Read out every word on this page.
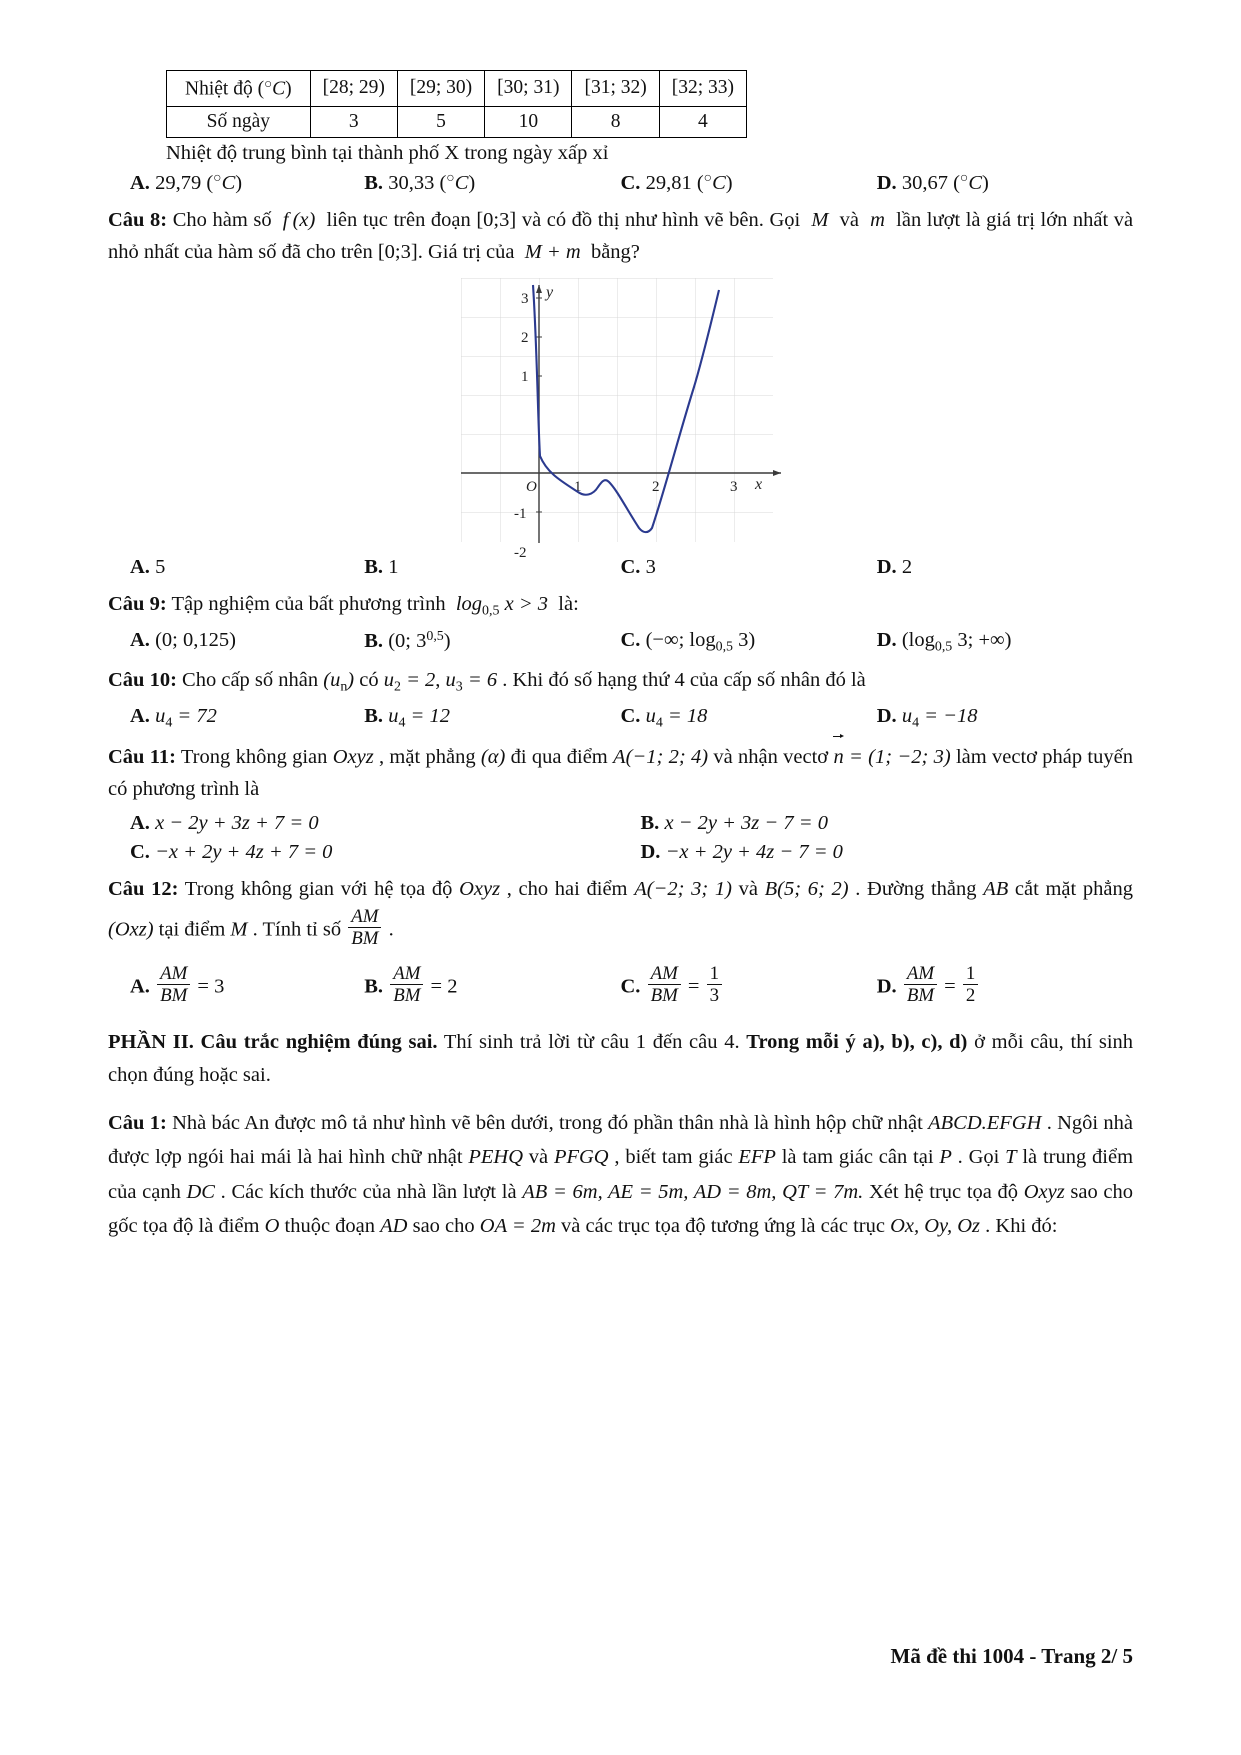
Nhiệt độ (○C)	[28; 29)	[29; 30)	[30; 31)	[31; 32)	[32; 33)
Số ngày	3	5	10	8	4
Nhiệt độ trung bình tại thành phố X trong ngày xấp xỉ
A. 29,79 (○C)	B. 30,33 (○C)	C. 29,81 (○C)	D. 30,67 (○C)
Câu 8: Cho hàm số  f (x)  liên tục trên đoạn [0;3] và có đồ thị như hình vẽ bên. Gọi  M  và  m  lần lượt là giá trị lớn nhất và nhỏ nhất của hàm số đã cho trên [0;3]. Giá trị của  M + m  bằng?
O 1	2	3 x
y
3
2
1
-1
-2
A. 5	B. 1	C. 3	D. 2
Câu 9: Tập nghiệm của bất phương trình  $\log_{0,5} x > 3$  là:
A. (0; 0,125)	B. (0; 3$^{0,5}$)	C. (−∞; $\log_{0,5} 3$)	D. ($\log_{0,5}$ 3; +∞)
Câu 10: Cho cấp số nhân $(u_n)$ có $u_2 = 2$, $u_3 = 6$ . Khi đó số hạng thứ 4 của cấp số nhân đó là
A. $u_4 = 72$	B. $u_4 = 12$	C. $u_4 = 18$	D. $u_4 = -18$
Câu 11: Trong không gian Oxyz , mặt phẳng (α) đi qua điểm A(−1; 2; 4) và nhận vectơ n = (1; −2; 3) làm vectơ pháp tuyến có phương trình là
A. x − 2y + 3z + 7 = 0	B. x − 2y + 3z − 7 = 0
C. −x + 2y + 4z + 7 = 0	D. −x + 2y + 4z − 7 = 0
Câu 12: Trong không gian với hệ tọa độ Oxyz , cho hai điểm A(−2; 3; 1) và B(5; 6; 2) . Đường thẳng AB cắt mặt phẳng (Oxz) tại điểm M . Tính tỉ số $\frac{AM}{BM}$ .
A. $\frac{AM}{BM} = 3$	B. $\frac{AM}{BM} = 2$	C. $\frac{AM}{BM} = \frac{1}{3}$	D. $\frac{AM}{BM} = \frac{1}{2}$
PHẦN II. Câu trắc nghiệm đúng sai. Thí sinh trả lời từ câu 1 đến câu 4. Trong mỗi ý a), b), c), d) ở mỗi câu, thí sinh chọn đúng hoặc sai.
Câu 1: Nhà bác An được mô tả như hình vẽ bên dưới, trong đó phần thân nhà là hình hộp chữ nhật ABCD.EFGH . Ngôi nhà được lợp ngói hai mái là hai hình chữ nhật PEHQ và PFGQ , biết tam giác EFP là tam giác cân tại P . Gọi T là trung điểm của cạnh DC . Các kích thước của nhà lần lượt là AB = 6m, AE = 5m, AD = 8m, QT = 7m. Xét hệ trục tọa độ Oxyz sao cho gốc tọa độ là điểm O thuộc đoạn AD sao cho OA = 2m và các trục tọa độ tương ứng là các trục Ox, Oy, Oz . Khi đó:
Mã đề thi 1004 - Trang 2/ 5
